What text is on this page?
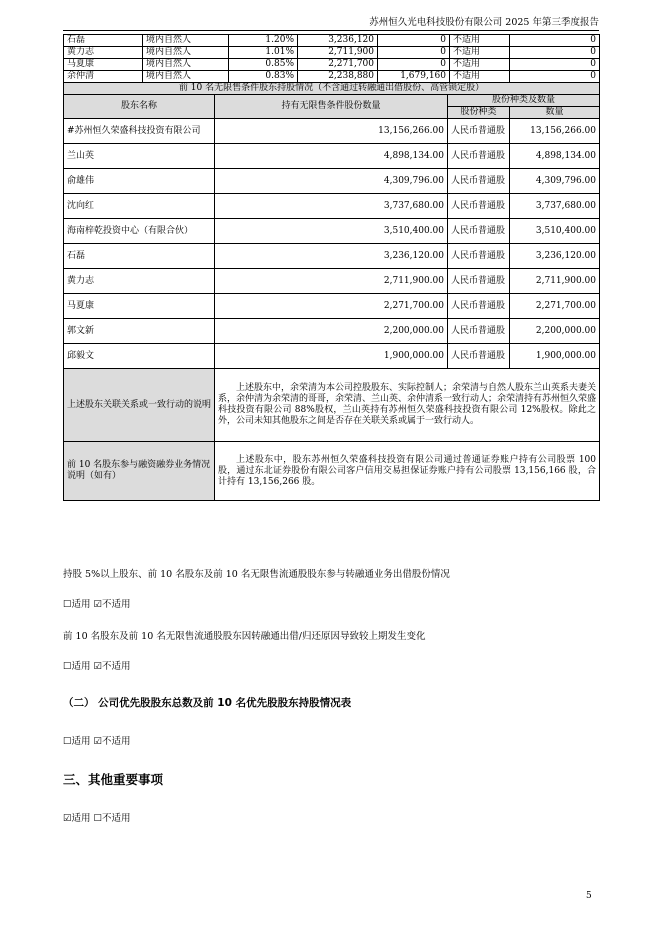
苏州恒久光电科技股份有限公司 2025 年第三季度报告
石磊	境内自然人	1.20%	3,236,120	0	不适用	0
黄力志	境内自然人	1.01%	2,711,900	0	不适用	0
马夏康	境内自然人	0.85%	2,271,700	0	不适用	0
余仲清	境内自然人	0.83%	2,238,880	1,679,160	不适用	0
前 10 名无限售条件股东持股情况（不含通过转融通出借股份、高管锁定股）			
股东名称	持有无限售条件股份数量	股份种类及数量	
		股份种类	数量
#苏州恒久荣盛科技投资有限公司	13,156,266.00	人民币普通股	13,156,266.00
兰山英	4,898,134.00	人民币普通股	4,898,134.00
俞雄伟	4,309,796.00	人民币普通股	4,309,796.00
沈向红	3,737,680.00	人民币普通股	3,737,680.00
海南梓乾投资中心（有限合伙）	3,510,400.00	人民币普通股	3,510,400.00
石磊	3,236,120.00	人民币普通股	3,236,120.00
黄力志	2,711,900.00	人民币普通股	2,711,900.00
马夏康	2,271,700.00	人民币普通股	2,271,700.00
郭文新	2,200,000.00	人民币普通股	2,200,000.00
邱毅文	1,900,000.00	人民币普通股	1,900,000.00
上述股东关联关系或一致行动的说明	上述股东中，余荣清为本公司控股股东、实际控制人；余荣清与自然人股东兰山英系夫妻关系，余仲清为余荣清的哥哥，余荣清、兰山英、余仲清系一致行动人；余荣清持有苏州恒久荣盛科技投资有限公司 88%股权，兰山英持有苏州恒久荣盛科技投资有限公司 12%股权。除此之外，公司未知其他股东之间是否存在关联关系或属于一致行动人。		
前 10 名股东参与融资融券业务情况说明（如有）	上述股东中，股东苏州恒久荣盛科技投资有限公司通过普通证券账户持有公司股票 100 股，通过东北证券股份有限公司客户信用交易担保证券账户持有公司股票 13,156,166 股，合计持有 13,156,266 股。		
持股 5%以上股东、前 10 名股东及前 10 名无限售流通股股东参与转融通业务出借股份情况
☐适用 ☑不适用
前 10 名股东及前 10 名无限售流通股股东因转融通出借/归还原因导致较上期发生变化
☐适用 ☑不适用
（二） 公司优先股股东总数及前 10 名优先股股东持股情况表
☐适用 ☑不适用
三、其他重要事项
☑适用 ☐不适用
5
